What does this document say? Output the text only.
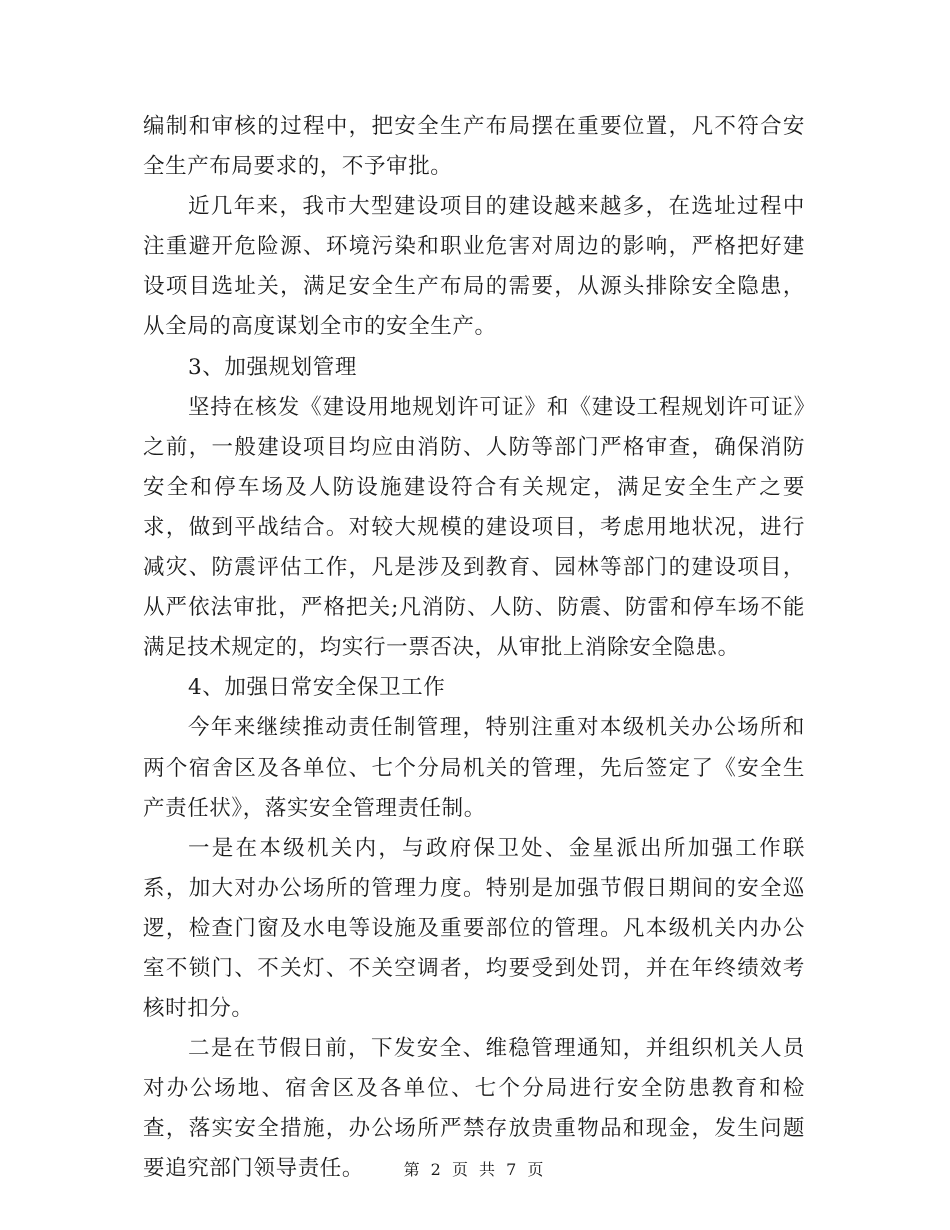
编制和审核的过程中，把安全生产布局摆在重要位置，凡不符合安全生产布局要求的，不予审批。

近几年来，我市大型建设项目的建设越来越多，在选址过程中注重避开危险源、环境污染和职业危害对周边的影响，严格把好建设项目选址关，满足安全生产布局的需要，从源头排除安全隐患，从全局的高度谋划全市的安全生产。

3、加强规划管理

坚持在核发《建设用地规划许可证》和《建设工程规划许可证》之前，一般建设项目均应由消防、人防等部门严格审查，确保消防安全和停车场及人防设施建设符合有关规定，满足安全生产之要求，做到平战结合。对较大规模的建设项目，考虑用地状况，进行减灾、防震评估工作，凡是涉及到教育、园林等部门的建设项目，从严依法审批，严格把关;凡消防、人防、防震、防雷和停车场不能满足技术规定的，均实行一票否决，从审批上消除安全隐患。

4、加强日常安全保卫工作

今年来继续推动责任制管理，特别注重对本级机关办公场所和两个宿舍区及各单位、七个分局机关的管理，先后签定了《安全生产责任状》，落实安全管理责任制。

一是在本级机关内，与政府保卫处、金星派出所加强工作联系，加大对办公场所的管理力度。特别是加强节假日期间的安全巡逻，检查门窗及水电等设施及重要部位的管理。凡本级机关内办公室不锁门、不关灯、不关空调者，均要受到处罚，并在年终绩效考核时扣分。

二是在节假日前，下发安全、维稳管理通知，并组织机关人员对办公场地、宿舍区及各单位、七个分局进行安全防患教育和检查，落实安全措施，办公场所严禁存放贵重物品和现金，发生问题要追究部门领导责任。	第 2 页 共 7 页
